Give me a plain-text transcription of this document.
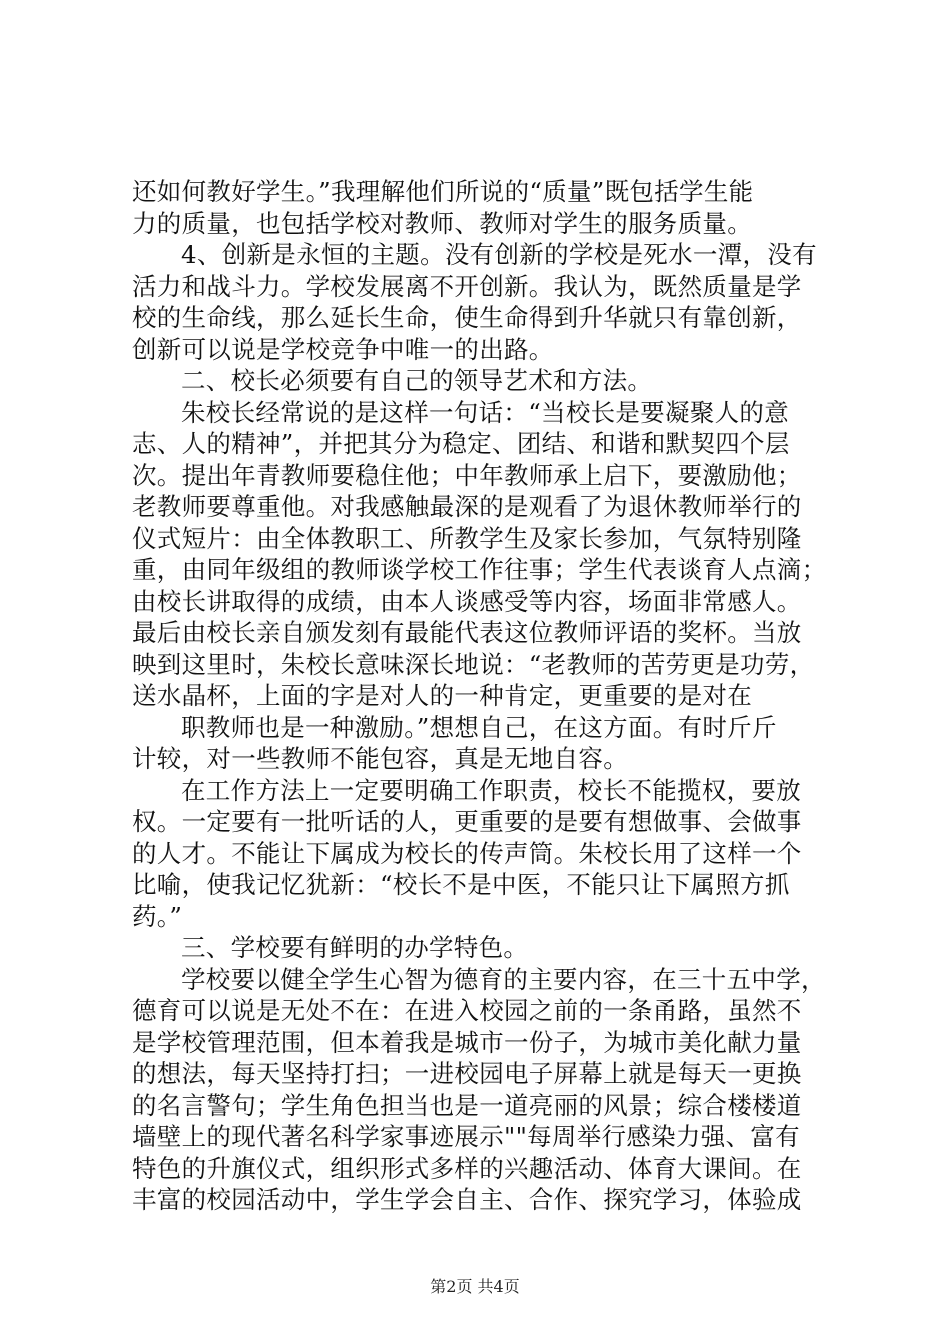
还如何教好学生。”我理解他们所说的“质量”既包括学生能
力的质量，也包括学校对教师、教师对学生的服务质量。
4、创新是永恒的主题。没有创新的学校是死水一潭，没有
活力和战斗力。学校发展离不开创新。我认为，既然质量是学
校的生命线，那么延长生命，使生命得到升华就只有靠创新，
创新可以说是学校竞争中唯一的出路。
二、校长必须要有自己的领导艺术和方法。
朱校长经常说的是这样一句话：“当校长是要凝聚人的意
志、人的精神”，并把其分为稳定、团结、和谐和默契四个层
次。提出年青教师要稳住他；中年教师承上启下，要激励他；
老教师要尊重他。对我感触最深的是观看了为退休教师举行的
仪式短片：由全体教职工、所教学生及家长参加，气氛特别隆
重，由同年级组的教师谈学校工作往事；学生代表谈育人点滴；
由校长讲取得的成绩，由本人谈感受等内容，场面非常感人。
最后由校长亲自颁发刻有最能代表这位教师评语的奖杯。当放
映到这里时，朱校长意味深长地说：“老教师的苦劳更是功劳，
送水晶杯，上面的字是对人的一种肯定，更重要的是对在
职教师也是一种激励。”想想自己，在这方面。有时斤斤
计较，对一些教师不能包容，真是无地自容。
在工作方法上一定要明确工作职责，校长不能揽权，要放
权。一定要有一批听话的人，更重要的是要有想做事、会做事
的人才。不能让下属成为校长的传声筒。朱校长用了这样一个
比喻，使我记忆犹新：“校长不是中医，不能只让下属照方抓
药。”
三、学校要有鲜明的办学特色。
学校要以健全学生心智为德育的主要内容，在三十五中学，
德育可以说是无处不在：在进入校园之前的一条甬路，虽然不
是学校管理范围，但本着我是城市一份子，为城市美化献力量
的想法，每天坚持打扫；一进校园电子屏幕上就是每天一更换
的名言警句；学生角色担当也是一道亮丽的风景；综合楼楼道
墙壁上的现代著名科学家事迹展示""每周举行感染力强、富有
特色的升旗仪式，组织形式多样的兴趣活动、体育大课间。在
丰富的校园活动中，学生学会自主、合作、探究学习，体验成
第2页 共4页
